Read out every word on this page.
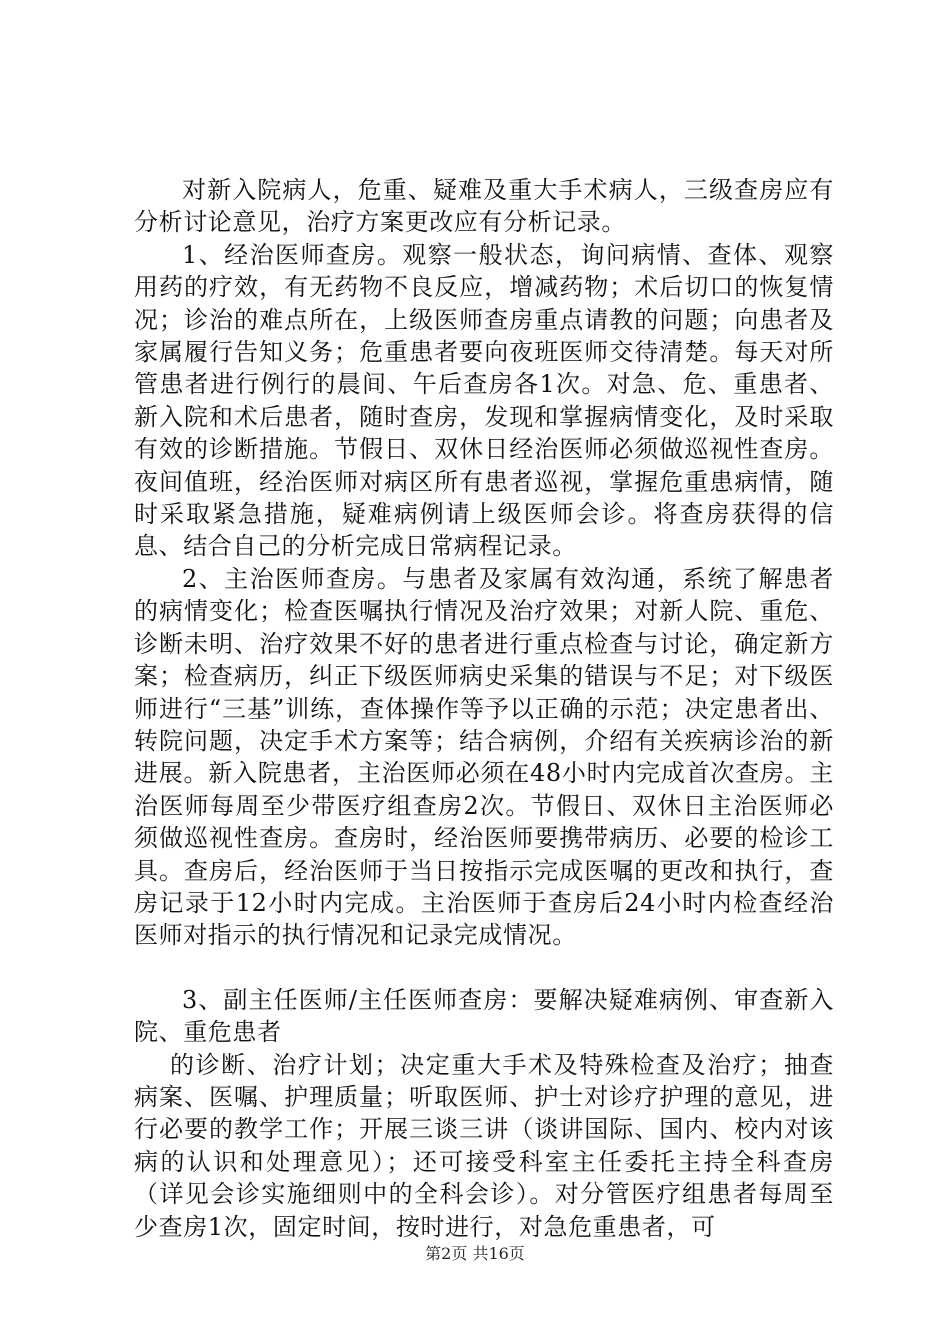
对新入院病人，危重、疑难及重大手术病人，三级查房应有分析讨论意见，治疗方案更改应有分析记录。

1、经治医师查房。观察一般状态，询问病情、查体、观察用药的疗效，有无药物不良反应，增减药物；术后切口的恢复情况；诊治的难点所在，上级医师查房重点请教的问题；向患者及家属履行告知义务；危重患者要向夜班医师交待清楚。每天对所管患者进行例行的晨间、午后查房各1次。对急、危、重患者、新入院和术后患者，随时查房，发现和掌握病情变化，及时采取有效的诊断措施。节假日、双休日经治医师必须做巡视性查房。夜间值班，经治医师对病区所有患者巡视，掌握危重患病情，随时采取紧急措施，疑难病例请上级医师会诊。将查房获得的信息、结合自己的分析完成日常病程记录。

2、主治医师查房。与患者及家属有效沟通，系统了解患者的病情变化；检查医嘱执行情况及治疗效果；对新人院、重危、诊断未明、治疗效果不好的患者进行重点检查与讨论，确定新方案；检查病历，纠正下级医师病史采集的错误与不足；对下级医师进行“三基”训练，查体操作等予以正确的示范；决定患者出、转院问题，决定手术方案等；结合病例，介绍有关疾病诊治的新进展。新入院患者，主治医师必须在48小时内完成首次查房。主治医师每周至少带医疗组查房2次。节假日、双休日主治医师必须做巡视性查房。查房时，经治医师要携带病历、必要的检诊工具。查房后，经治医师于当日按指示完成医嘱的更改和执行，查房记录于12小时内完成。主治医师于查房后24小时内检查经治医师对指示的执行情况和记录完成情况。

3、副主任医师/主任医师查房：要解决疑难病例、审查新入院、重危患者

的诊断、治疗计划；决定重大手术及特殊检查及治疗；抽查病案、医嘱、护理质量；听取医师、护士对诊疗护理的意见，进行必要的教学工作；开展三谈三讲（谈讲国际、国内、校内对该病的认识和处理意见）；还可接受科室主任委托主持全科查房（详见会诊实施细则中的全科会诊）。对分管医疗组患者每周至少查房1次，固定时间，按时进行，对急危重患者，可

第2页 共16页
